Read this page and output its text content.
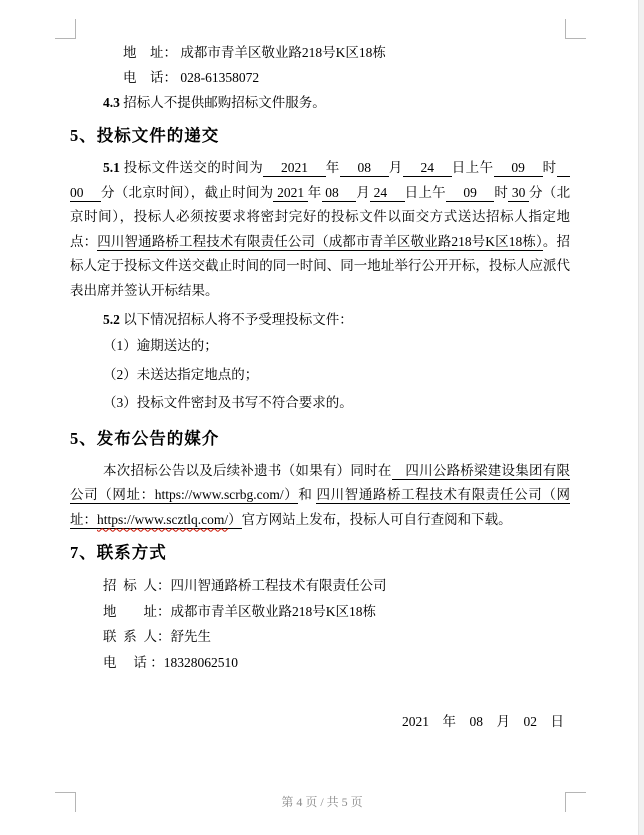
地　址： 成都市青羊区敬业路218号K区18栋
电　话： 028-61358072
4.3 招标人不提供邮购招标文件服务。
5、投标文件的递交

5.1 投标文件送交的时间为　 2021 　年　 08 　月　 24 　日上午　 09 　时　 00 　分（北京时间），截止时间为 2021 年 08 　月 24 　日上午　 09 　时 30 分（北京时间），投标人必须按要求将密封完好的投标文件以面交方式送达招标人指定地点：四川智通路桥工程技术有限责任公司（成都市青羊区敬业路218号K区18栋）。招标人定于投标文件送交截止时间的同一时间、同一地址举行公开开标，投标人应派代表出席并签认开标结果。

5.2 以下情况招标人将不予受理投标文件：
（1）逾期送达的；
（2）未送达指定地点的；
（3）投标文件密封及书写不符合要求的。
5、发布公告的媒介

本次招标公告以及后续补遗书（如果有）同时在　四川公路桥梁建设集团有限公司（网址：https://www.scrbg.com/）和 四川智通路桥工程技术有限责任公司（网址：https://www.scztlq.com/）官方网站上发布，投标人可自行查阅和下载。

7、联系方式
招  标  人：四川智通路桥工程技术有限责任公司
地　　址：成都市青羊区敬业路218号K区18栋
联  系  人：舒先生
电　 话 ：18328062510
2021　年　08　月　02　日
第 4 页 / 共 5 页
